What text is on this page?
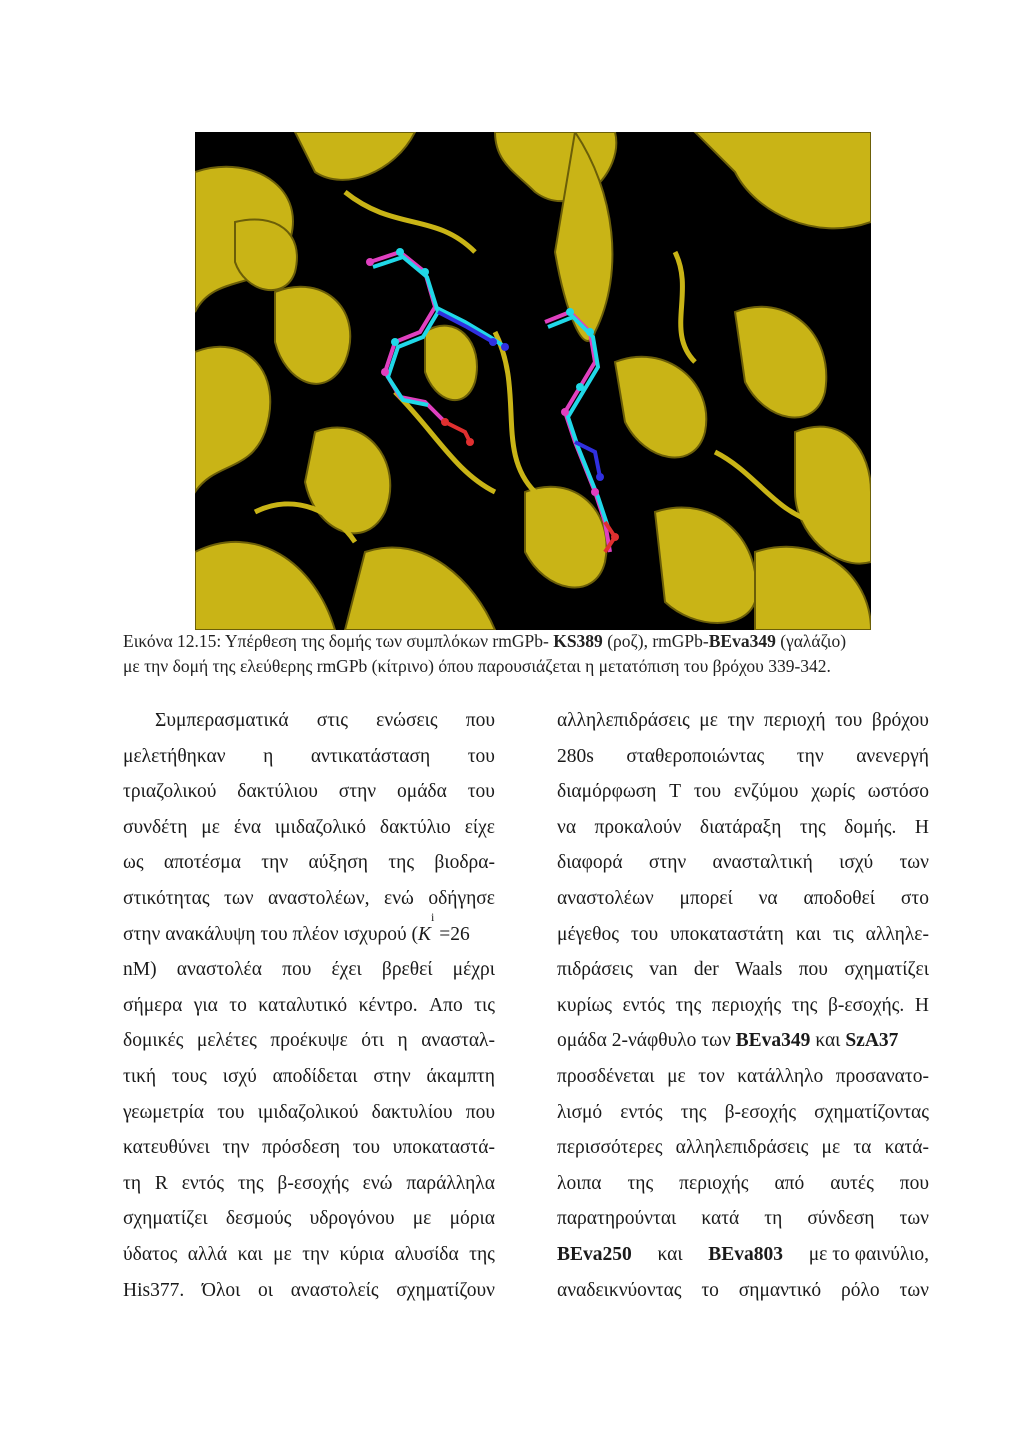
Εικόνα 12.15: Υπέρθεση της δομής των συμπλόκων rmGPb- KS389 (ροζ), rmGPb-BEva349 (γαλάζιο)
με την δομή της ελεύθερης rmGPb (κίτρινο) όπου παρουσιάζεται η μετατόπιση του βρόχου 339-342.
Συμπερασματικά στις ενώσεις που
μελετήθηκαν η αντικατάσταση του
τριαζολικού δακτύλιου στην ομάδα του
συνδέτη με ένα ιμιδαζολικό δακτύλιο είχε
ως αποτέσμα την αύξηση της βιοδρα-
στικότητας των αναστολέων, ενώ οδήγησε
στην ανακάλυψη του πλέον ισχυρού ( K
i
=26
nM) αναστολέα που έχει βρεθεί μέχρι
σήμερα για το καταλυτικό κέντρο. Απο τις
δομικές μελέτες προέκυψε ότι η ανασταλ-
τική τους ισχύ αποδίδεται στην άκαμπτη
γεωμετρία του ιμιδαζολικού δακτυλίου που
κατευθύνει την πρόσδεση του υποκαταστά-
τη R εντός της β-εσοχής ενώ παράλληλα
σχηματίζει δεσμούς υδρογόνου με μόρια
ύδατος αλλά και με την κύρια αλυσίδα της
His377. Όλοι οι αναστολείς σχηματίζουν
αλληλεπιδράσεις με την περιοχή του βρόχου
280s σταθεροποιώντας την ανενεργή
διαμόρφωση T του ενζύμου χωρίς ωστόσο
να προκαλούν διατάραξη της δομής. Η
διαφορά στην ανασταλτική ισχύ των
αναστολέων μπορεί να αποδοθεί στο
μέγεθος του υποκαταστάτη και τις αλληλε-
πιδράσεις van der Waals που σχηματίζει
κυρίως εντός της περιοχής της β-εσοχής. Η
ομάδα 2-νάφθυλο των BEva349 και SzA37
προσδένεται με τον κατάλληλο προσανατο-
λισμό εντός της β-εσοχής σχηματίζοντας
περισσότερες αλληλεπιδράσεις με τα κατά-
λοιπα της περιοχής από αυτές που
παρατηρούνται κατά τη σύνδεση των
BEva250 και BEva803 με το φαινύλιο,
αναδεικνύοντας το σημαντικό ρόλο των
